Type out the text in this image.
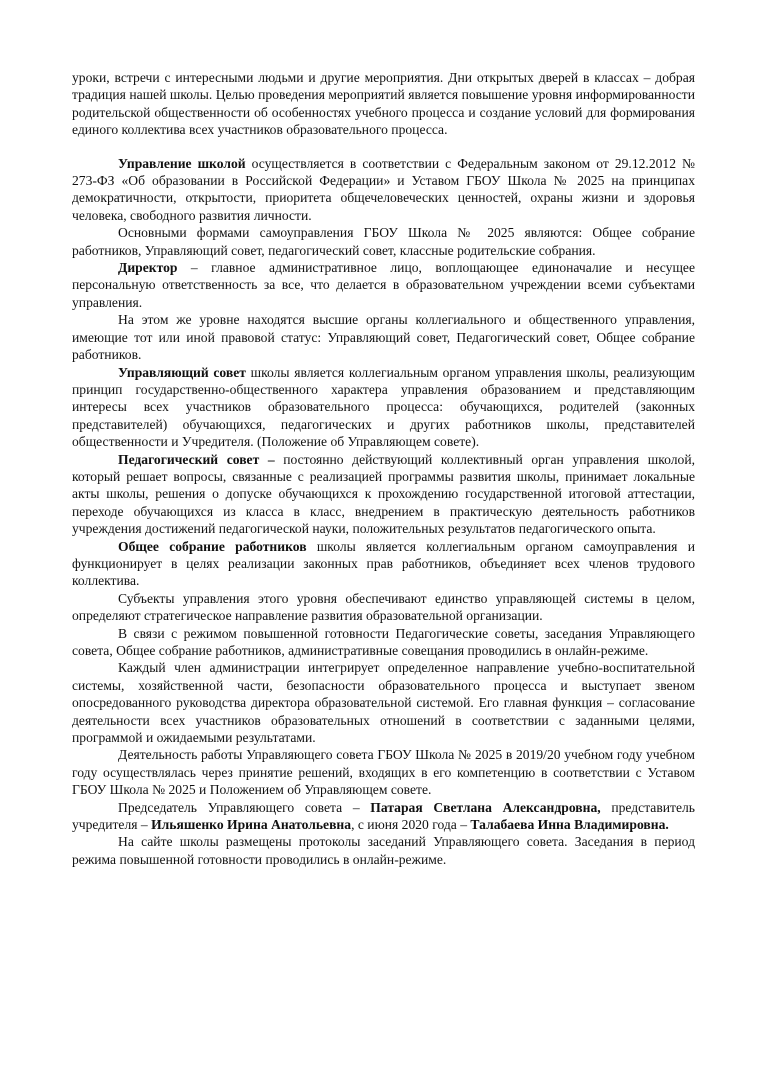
уроки, встречи с интересными людьми и другие мероприятия. Дни открытых дверей в классах – добрая традиция нашей школы. Целью проведения мероприятий является повышение уровня информированности родительской общественности об особенностях учебного процесса и создание условий для формирования единого коллектива всех участников образовательного процесса.

Управление школой осуществляется в соответствии с Федеральным законом от 29.12.2012 № 273-ФЗ «Об образовании в Российской Федерации» и Уставом ГБОУ Школа № 2025 на принципах демократичности, открытости, приоритета общечеловеческих ценностей, охраны жизни и здоровья человека, свободного развития личности.

Основными формами самоуправления ГБОУ Школа № 2025 являются: Общее собрание работников, Управляющий совет, педагогический совет, классные родительские собрания.

Директор – главное административное лицо, воплощающее единоначалие и несущее персональную ответственность за все, что делается в образовательном учреждении всеми субъектами управления.

На этом же уровне находятся высшие органы коллегиального и общественного управления, имеющие тот или иной правовой статус: Управляющий совет, Педагогический совет, Общее собрание работников.

Управляющий совет школы является коллегиальным органом управления школы, реализующим принцип государственно-общественного характера управления образованием и представляющим интересы всех участников образовательного процесса: обучающихся, родителей (законных представителей) обучающихся, педагогических и других работников школы, представителей общественности и Учредителя. (Положение об Управляющем совете).

Педагогический совет – постоянно действующий коллективный орган управления школой, который решает вопросы, связанные с реализацией программы развития школы, принимает локальные акты школы, решения о допуске обучающихся к прохождению государственной итоговой аттестации, переходе обучающихся из класса в класс, внедрением в практическую деятельность работников учреждения достижений педагогической науки, положительных результатов педагогического опыта.

Общее собрание работников школы является коллегиальным органом самоуправления и функционирует в целях реализации законных прав работников, объединяет всех членов трудового коллектива.

Субъекты управления этого уровня обеспечивают единство управляющей системы в целом, определяют стратегическое направление развития образовательной организации.

В связи с режимом повышенной готовности Педагогические советы, заседания Управляющего совета, Общее собрание работников, административные совещания проводились в онлайн-режиме.

Каждый член администрации интегрирует определенное направление учебно-воспитательной системы, хозяйственной части, безопасности образовательного процесса и выступает звеном опосредованного руководства директора образовательной системой. Его главная функция – согласование деятельности всех участников образовательных отношений в соответствии с заданными целями, программой и ожидаемыми результатами.

Деятельность работы Управляющего совета ГБОУ Школа № 2025 в 2019/20 учебном году учебном году осуществлялась через принятие решений, входящих в его компетенцию в соответствии с Уставом ГБОУ Школа № 2025 и Положением об Управляющем совете.

Председатель Управляющего совета – Патарая Светлана Александровна, представитель учредителя – Ильяшенко Ирина Анатольевна, с июня 2020 года – Талабаева Инна Владимировна.

На сайте школы размещены протоколы заседаний Управляющего совета. Заседания в период режима повышенной готовности проводились в онлайн-режиме.
